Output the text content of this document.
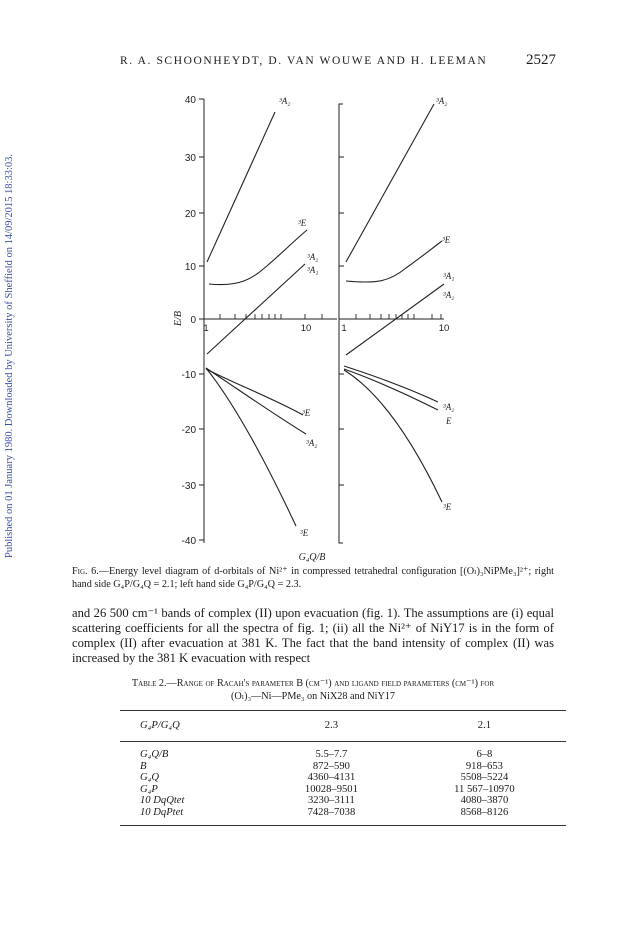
R. A. SCHOONHEYDT, D. VAN WOUWE AND H. LEEMAN	2527
Published on 01 January 1980. Downloaded by University of Sheffield on 14/09/2015 18:33:03.
40
30
20
10
0
-10
-20
-30
-40
E/B
1	10	1	10
G₄Q/B
³A₂
³E
³A₂
³A₁
³E
³A₂
³E
³A₂
³E
³A₁
³A₂
³A₂
E
³E
Fig. 6.—Energy level diagram of d-orbitals of Ni²⁺ in compressed tetrahedral configuration [(Oₗ)₃NiPMe₃]²⁺; right hand side G₄P/G₄Q = 2.1; left hand side G₄P/G₄Q = 2.3.
and 26 500 cm⁻¹ bands of complex (II) upon evacuation (fig. 1). The assumptions are (i) equal scattering coefficients for all the spectra of fig. 1; (ii) all the Ni²⁺ of NiY17 is in the form of complex (II) after evacuation at 381 K. The fact that the band intensity of complex (II) was increased by the 381 K evacuation with respect
Table 2.—Range of Racah's parameter B (cm⁻¹) and ligand field parameters (cm⁻¹) for
(Oₗ)₃—Ni—PMe₃ on NiX28 and NiY17
G₄P/G₄Q	2.3	2.1
G₄Q/B	5.5–7.7	6–8
B	872–590	918–653
G₄Q	4360–4131	5508–5224
G₄P	10028–9501	11 567–10970
10 DqQtet	3230–3111	4080–3870
10 DqPtet	7428–7038	8568–8126
